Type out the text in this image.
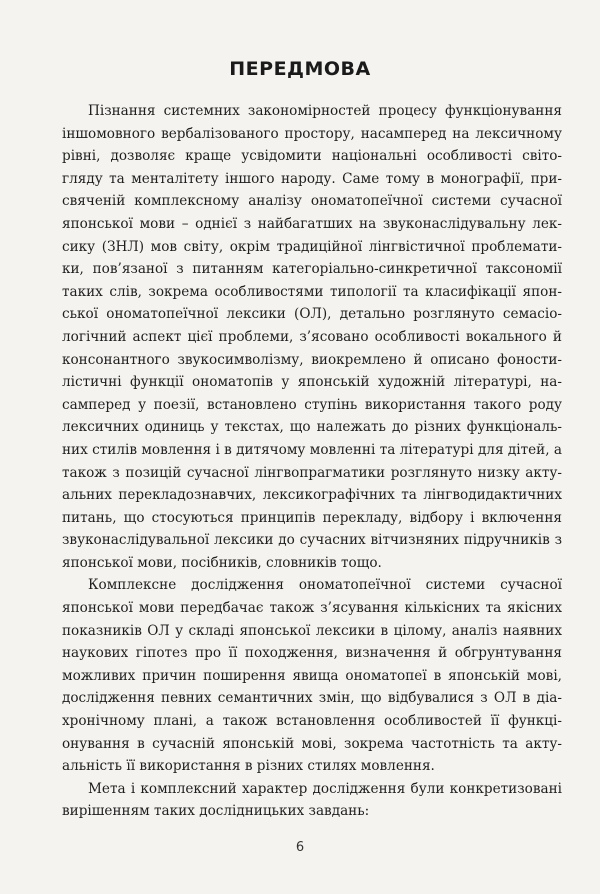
ПЕРЕДМОВА

Пізнання системних закономірностей процесу функціонування іншомовного вербалізованого простору, насамперед на лексичному рівні, дозволяє краще усвідомити національні особливості світогляду та менталітету іншого народу. Саме тому в монографії, присвяченій комплексному аналізу ономатопеїчної системи сучасної японської мови – однієї з найбагатших на звуконаслідувальну лексику (ЗНЛ) мов світу, окрім традиційної лінгвістичної проблематики, пов’язаної з питанням категоріально-синкретичної таксономії таких слів, зокрема особливостями типології та класифікації японської ономатопеїчної лексики (ОЛ), детально розглянуто семасіологічний аспект цієї проблеми, з’ясовано особливості вокального й консонантного звукосимволізму, виокремлено й описано фоностилістичні функції ономатопів у японській художній літературі, насамперед у поезії, встановлено ступінь використання такого роду лексичних одиниць у текстах, що належать до різних функціональних стилів мовлення і в дитячому мовленні та літературі для дітей, а також з позицій сучасної лінгвопрагматики розглянуто низку актуальних перекладознавчих, лексикографічних та лінгводидактичних питань, що стосуються принципів перекладу, відбору і включення звуконаслідувальної лексики до сучасних вітчизняних підручників з японської мови, посібників, словників тощо.

Комплексне дослідження ономатопеїчної системи сучасної японської мови передбачає також з’ясування кількісних та якісних показників ОЛ у складі японської лексики в цілому, аналіз наявних наукових гіпотез про її походження, визначення й обгрунтування можливих причин поширення явища ономатопеї в японській мові, дослідження певних семантичних змін, що відбувалися з ОЛ в діахронічному плані, а також встановлення особливостей її функціонування в сучасній японській мові, зокрема частотність та актуальність її використання в різних стилях мовлення.

Мета і комплексний характер дослідження були конкретизовані вирішенням таких дослідницьких завдань:

6
